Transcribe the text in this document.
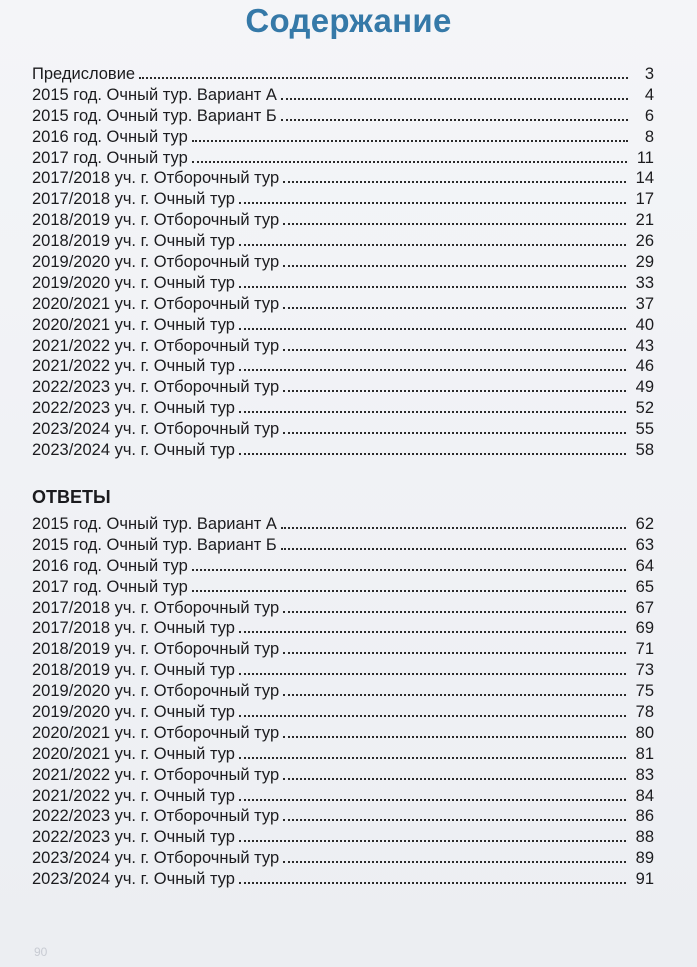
Содержание
Предисловие	3
2015 год. Очный тур. Вариант А	4
2015 год. Очный тур. Вариант Б	6
2016 год. Очный тур	8
2017 год. Очный тур	11
2017/2018 уч. г. Отборочный тур	14
2017/2018 уч. г. Очный тур	17
2018/2019 уч. г. Отборочный тур	21
2018/2019 уч. г. Очный тур	26
2019/2020 уч. г. Отборочный тур	29
2019/2020 уч. г. Очный тур	33
2020/2021 уч. г. Отборочный тур	37
2020/2021 уч. г. Очный тур	40
2021/2022 уч. г. Отборочный тур	43
2021/2022 уч. г. Очный тур	46
2022/2023 уч. г. Отборочный тур	49
2022/2023 уч. г. Очный тур	52
2023/2024 уч. г. Отборочный тур	55
2023/2024 уч. г. Очный тур	58
ОТВЕТЫ
2015 год. Очный тур. Вариант А	62
2015 год. Очный тур. Вариант Б	63
2016 год. Очный тур	64
2017 год. Очный тур	65
2017/2018 уч. г. Отборочный тур	67
2017/2018 уч. г. Очный тур	69
2018/2019 уч. г. Отборочный тур	71
2018/2019 уч. г. Очный тур	73
2019/2020 уч. г. Отборочный тур	75
2019/2020 уч. г. Очный тур	78
2020/2021 уч. г. Отборочный тур	80
2020/2021 уч. г. Очный тур	81
2021/2022 уч. г. Отборочный тур	83
2021/2022 уч. г. Очный тур	84
2022/2023 уч. г. Отборочный тур	86
2022/2023 уч. г. Очный тур	88
2023/2024 уч. г. Отборочный тур	89
2023/2024 уч. г. Очный тур	91
90
